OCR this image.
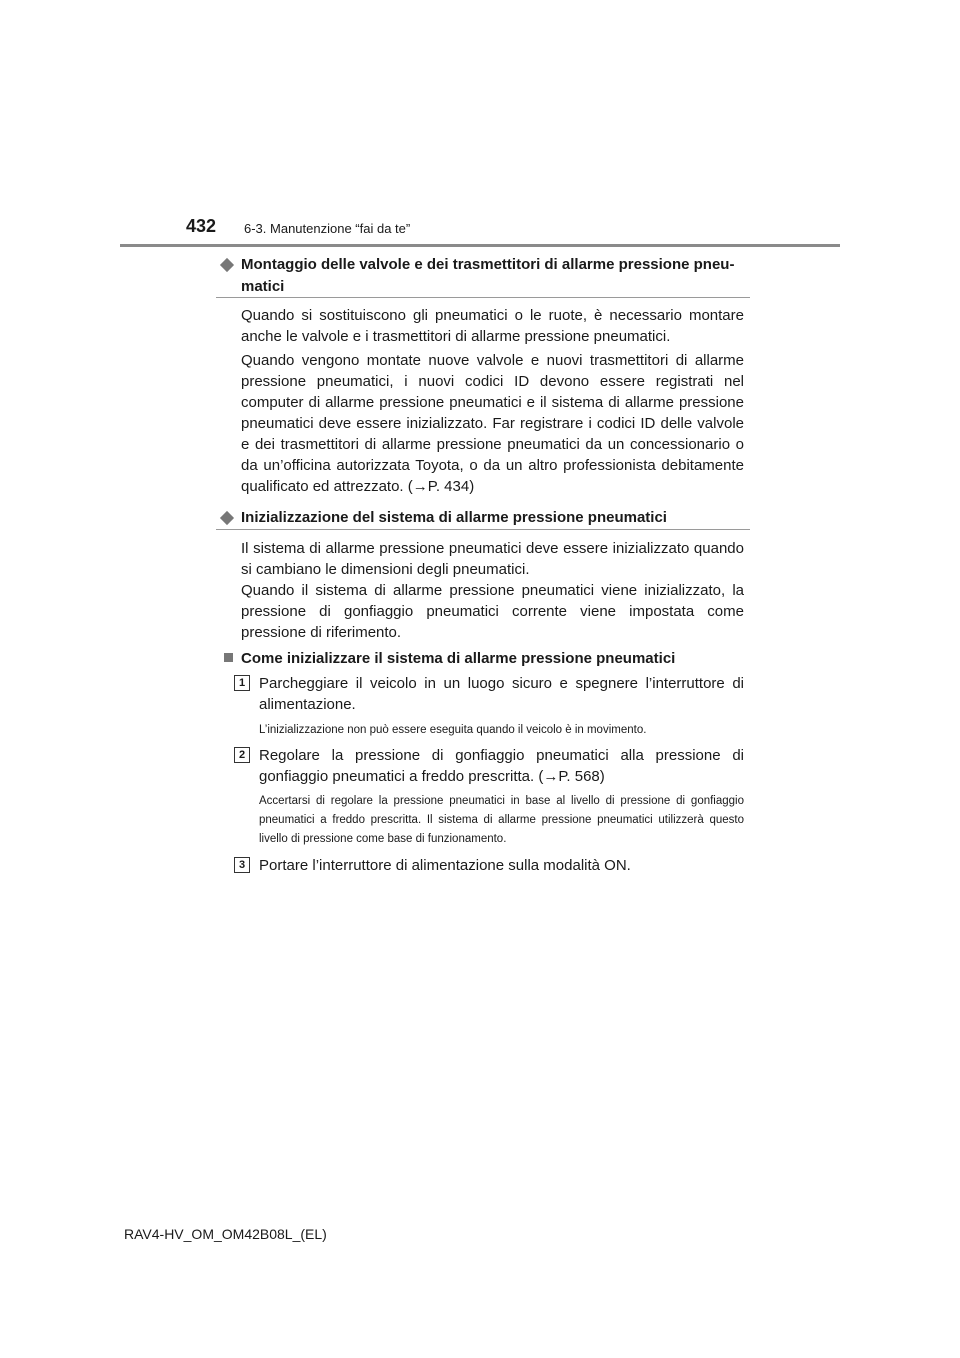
432 6-3. Manutenzione “fai da te”
Montaggio delle valvole e dei trasmettitori di allarme pressione pneu-
matici

Quando si sostituiscono gli pneumatici o le ruote, è necessario montare anche le valvole e i trasmettitori di allarme pressione pneumatici.

Quando vengono montate nuove valvole e nuovi trasmettitori di allarme pressione pneumatici, i nuovi codici ID devono essere registrati nel computer di allarme pressione pneumatici e il sistema di allarme pressione pneumatici deve essere inizializzato. Far registrare i codici ID delle valvole e dei trasmettitori di allarme pressione pneumatici da un concessionario o da un’officina autorizzata Toyota, o da un altro professionista debitamente qualificato ed attrezzato. (→P. 434)

Inizializzazione del sistema di allarme pressione pneumatici

Il sistema di allarme pressione pneumatici deve essere inizializzato quando si cambiano le dimensioni degli pneumatici.

Quando il sistema di allarme pressione pneumatici viene inizializzato, la pressione di gonfiaggio pneumatici corrente viene impostata come pressione di riferimento.

Come inizializzare il sistema di allarme pressione pneumatici
1 Parcheggiare il veicolo in un luogo sicuro e spegnere l’interruttore di alimentazione.

L’inizializzazione non può essere eseguita quando il veicolo è in movimento.

2 Regolare la pressione di gonfiaggio pneumatici alla pressione di gonfiaggio pneumatici a freddo prescritta. (→P. 568)

Accertarsi di regolare la pressione pneumatici in base al livello di pressione di gonfiaggio pneumatici a freddo prescritta. Il sistema di allarme pressione pneumatici utilizzerà questo livello di pressione come base di funzionamento.

3 Portare l’interruttore di alimentazione sulla modalità ON.

RAV4-HV_OM_OM42B08L_(EL)
